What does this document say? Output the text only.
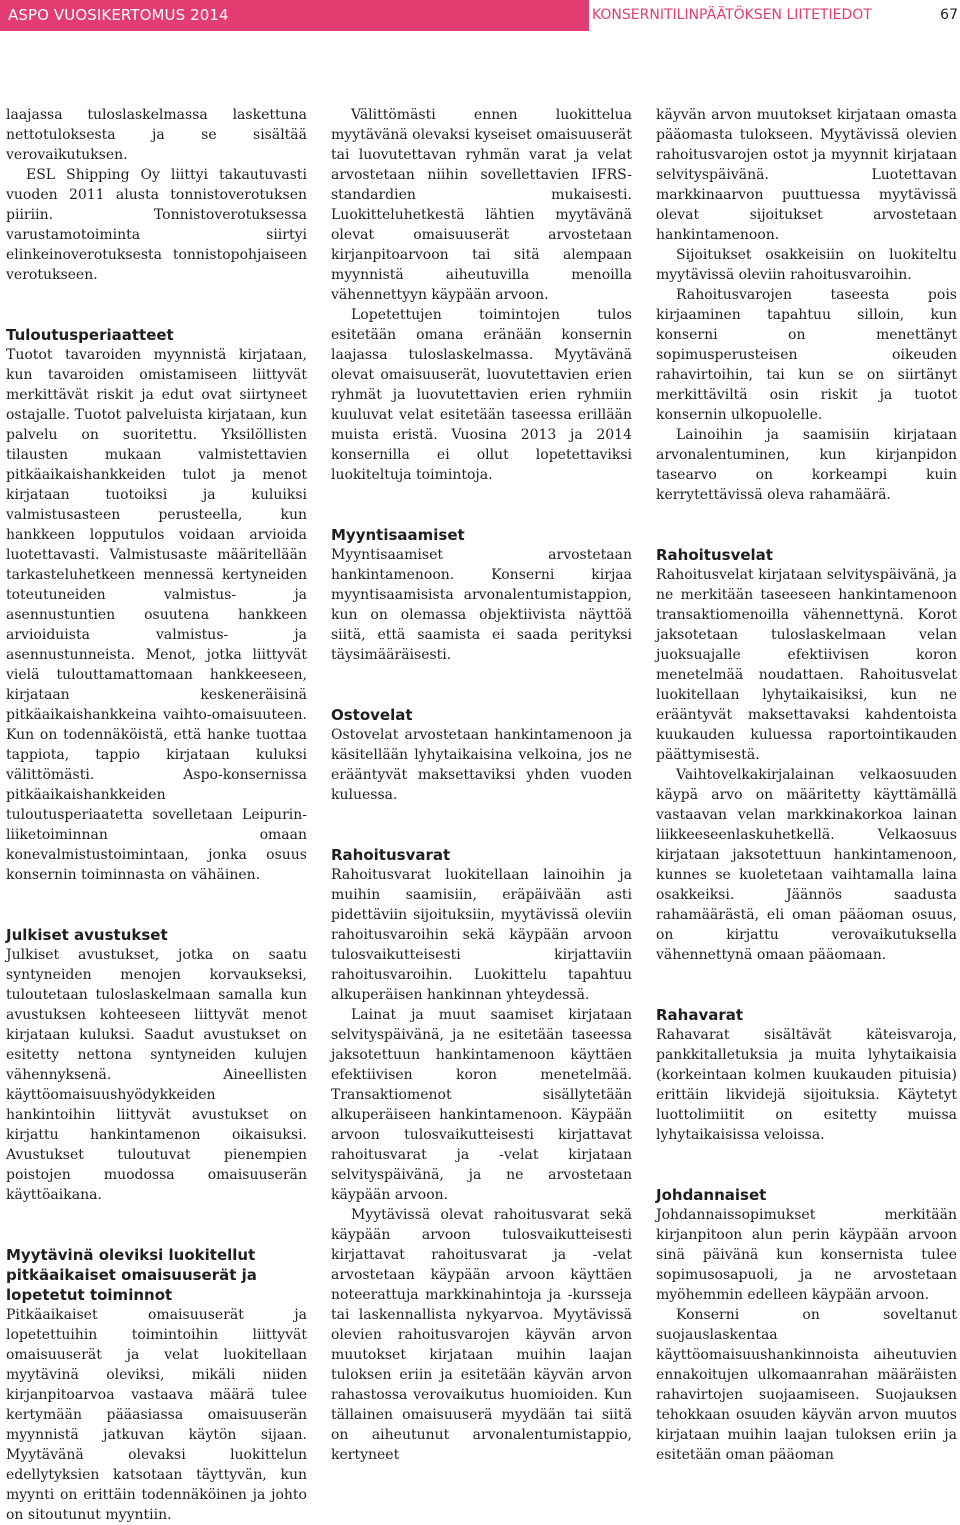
ASPO VUOSIKERTOMUS 2014	KONSERNITILINPÄÄTÖKSEN LIITETIEDOT	67

laajassa tuloslaskelmassa laskettuna nettotuloksesta ja se sisältää verovaikutuksen.

ESL Shipping Oy liittyi takautuvasti vuoden 2011 alusta tonnistoverotuksen piiriin. Tonnistoverotuksessa varustamotoiminta siirtyi elinkeinoverotuksesta tonnistopohjaiseen verotukseen.

Tuloutusperiaatteet

Tuotot tavaroiden myynnistä kirjataan, kun tavaroiden omistamiseen liittyvät merkittävät riskit ja edut ovat siirtyneet ostajalle. Tuotot palveluista kirjataan, kun palvelu on suoritettu. Yksilöllisten tilausten mukaan valmistettavien pitkäaikaishankkeiden tulot ja menot kirjataan tuotoiksi ja kuluiksi valmistusasteen perusteella, kun hankkeen lopputulos voidaan arvioida luotettavasti. Valmistusaste määritellään tarkasteluhetkeen mennessä kertyneiden toteutuneiden valmistus- ja asennustuntien osuutena hankkeen arvioiduista valmistus- ja asennustunneista. Menot, jotka liittyvät vielä tulouttamattomaan hankkeeseen, kirjataan keskeneräisinä pitkäaikaishankkeina vaihto-omaisuuteen. Kun on todennäköistä, että hanke tuottaa tappiota, tappio kirjataan kuluksi välittömästi. Aspo-konsernissa pitkäaikaishankkeiden tuloutusperiaatetta sovelletaan Leipurin-liiketoiminnan omaan konevalmistustoimintaan, jonka osuus konsernin toiminnasta on vähäinen.

Julkiset avustukset

Julkiset avustukset, jotka on saatu syntyneiden menojen korvaukseksi, tuloutetaan tuloslaskelmaan samalla kun avustuksen kohteeseen liittyvät menot kirjataan kuluksi. Saadut avustukset on esitetty nettona syntyneiden kulujen vähennyksenä. Aineellisten käyttöomaisuushyödykkeiden hankintoihin liittyvät avustukset on kirjattu hankintamenon oikaisuksi. Avustukset tuloutuvat pienempien poistojen muodossa omaisuuserän käyttöaikana.

Myytävinä oleviksi luokitellut pitkäaikaiset omaisuuserät ja lopetetut toiminnot

Pitkäaikaiset omaisuuserät ja lopetettuihin toimintoihin liittyvät omaisuuserät ja velat luokitellaan myytävinä oleviksi, mikäli niiden kirjanpitoarvoa vastaava määrä tulee kertymään pääasiassa omaisuuserän myynnistä jatkuvan käytön sijaan. Myytävänä olevaksi luokittelun edellytyksien katsotaan täyttyvän, kun myynti on erittäin todennäköinen ja johto on sitoutunut myyntiin.

Välittömästi ennen luokittelua myytävänä olevaksi kyseiset omaisuuserät tai luovutettavan ryhmän varat ja velat arvostetaan niihin sovellettavien IFRS-standardien mukaisesti. Luokitteluhetkestä lähtien myytävänä olevat omaisuuserät arvostetaan kirjanpitoarvoon tai sitä alempaan myynnistä aiheutuvilla menoilla vähennettyyn käypään arvoon.

Lopetettujen toimintojen tulos esitetään omana eränään konsernin laajassa tuloslaskelmassa. Myytävänä olevat omaisuuserät, luovutettavien erien ryhmät ja luovutettavien erien ryhmiin kuuluvat velat esitetään taseessa erillään muista eristä. Vuosina 2013 ja 2014 konsernilla ei ollut lopetettaviksi luokiteltuja toimintoja.

Myyntisaamiset

Myyntisaamiset arvostetaan hankintamenoon. Konserni kirjaa myyntisaamisista arvonalentumistappion, kun on olemassa objektiivista näyttöä siitä, että saamista ei saada perityksi täysimääräisesti.

Ostovelat

Ostovelat arvostetaan hankintamenoon ja käsitellään lyhytaikaisina velkoina, jos ne erääntyvät maksettaviksi yhden vuoden kuluessa.

Rahoitusvarat

Rahoitusvarat luokitellaan lainoihin ja muihin saamisiin, eräpäivään asti pidettäviin sijoituksiin, myytävissä oleviin rahoitusvaroihin sekä käypään arvoon tulosvaikutteisesti kirjattaviin rahoitusvaroihin. Luokittelu tapahtuu alkuperäisen hankinnan yhteydessä.

Lainat ja muut saamiset kirjataan selvityspäivänä, ja ne esitetään taseessa jaksotettuun hankintamenoon käyttäen efektiivisen koron menetelmää. Transaktiomenot sisällytetään alkuperäiseen hankintamenoon. Käypään arvoon tulosvaikutteisesti kirjattavat rahoitusvarat ja -velat kirjataan selvityspäivänä, ja ne arvostetaan käypään arvoon.

Myytävissä olevat rahoitusvarat sekä käypään arvoon tulosvaikutteisesti kirjattavat rahoitusvarat ja -velat arvostetaan käypään arvoon käyttäen noteerattuja markkinahintoja ja -kursseja tai laskennallista nykyarvoa. Myytävissä olevien rahoitusvarojen käyvän arvon muutokset kirjataan muihin laajan tuloksen eriin ja esitetään käyvän arvon rahastossa verovaikutus huomioiden. Kun tällainen omaisuuserä myydään tai siitä on aiheutunut arvonalentumistappio, kertyneet

käyvän arvon muutokset kirjataan omasta pääomasta tulokseen. Myytävissä olevien rahoitusvarojen ostot ja myynnit kirjataan selvityspäivänä. Luotettavan markkinaarvon puuttuessa myytävissä olevat sijoitukset arvostetaan hankintamenoon.

Sijoitukset osakkeisiin on luokiteltu myytävissä oleviin rahoitusvaroihin.

Rahoitusvarojen taseesta pois kirjaaminen tapahtuu silloin, kun konserni on menettänyt sopimusperusteisen oikeuden rahavirtoihin, tai kun se on siirtänyt merkittäviltä osin riskit ja tuotot konsernin ulkopuolelle.

Lainoihin ja saamisiin kirjataan arvonalentuminen, kun kirjanpidon tasearvo on korkeampi kuin kerrytettävissä oleva rahamäärä.

Rahoitusvelat

Rahoitusvelat kirjataan selvityspäivänä, ja ne merkitään taseeseen hankintamenoon transaktiomenoilla vähennettynä. Korot jaksotetaan tuloslaskelmaan velan juoksuajalle efektiivisen koron menetelmää noudattaen. Rahoitusvelat luokitellaan lyhytaikaisiksi, kun ne erääntyvät maksettavaksi kahdentoista kuukauden kuluessa raportointikauden päättymisestä.

Vaihtovelkakirjalainan velkaosuuden käypä arvo on määritetty käyttämällä vastaavan velan markkinakorkoa lainan liikkeeseenlaskuhetkellä. Velkaosuus kirjataan jaksotettuun hankintamenoon, kunnes se kuoletetaan vaihtamalla laina osakkeiksi. Jäännös saadusta rahamäärästä, eli oman pääoman osuus, on kirjattu verovaikutuksella vähennettynä omaan pääomaan.

Rahavarat

Rahavarat sisältävät käteisvaroja, pankkitalletuksia ja muita lyhytaikaisia (korkeintaan kolmen kuukauden pituisia) erittäin likvidejä sijoituksia. Käytetyt luottolimiitit on esitetty muissa lyhytaikaisissa veloissa.

Johdannaiset

Johdannaissopimukset merkitään kirjanpitoon alun perin käypään arvoon sinä päivänä kun konsernista tulee sopimusosapuoli, ja ne arvostetaan myöhemmin edelleen käypään arvoon.

Konserni on soveltanut suojauslaskentaa käyttöomaisuushankinnoista aiheutuvien ennakoitujen ulkomaanrahan määräisten rahavirtojen suojaamiseen. Suojauksen tehokkaan osuuden käyvän arvon muutos kirjataan muihin laajan tuloksen eriin ja esitetään oman pääoman
